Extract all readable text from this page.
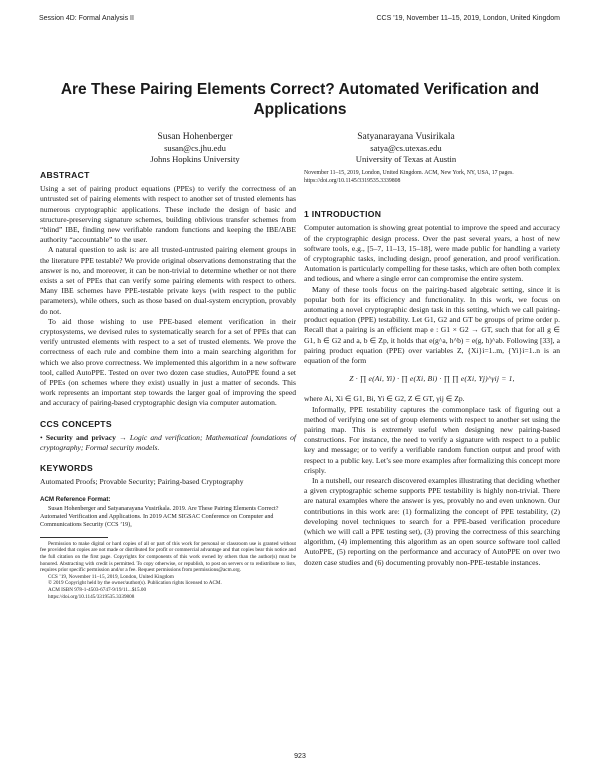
Session 4D: Formal Analysis II	CCS ’19, November 11–15, 2019, London, United Kingdom
Are These Pairing Elements Correct? Automated Verification and Applications
Susan Hohenberger
susan@cs.jhu.edu
Johns Hopkins University
Satyanarayana Vusirikala
satya@cs.utexas.edu
University of Texas at Austin
ABSTRACT

Using a set of pairing product equations (PPEs) to verify the correctness of an untrusted set of pairing elements with respect to another set of trusted elements has numerous cryptographic applications. These include the design of basic and structure-preserving signature schemes, building oblivious transfer schemes from “blind” IBE, finding new verifiable random functions and keeping the IBE/ABE authority “accountable” to the user.

A natural question to ask is: are all trusted-untrusted pairing element groups in the literature PPE testable? We provide original observations demonstrating that the answer is no, and moreover, it can be non-trivial to determine whether or not there exists a set of PPEs that can verify some pairing elements with respect to others. Many IBE schemes have PPE-testable private keys (with respect to the public parameters), while others, such as those based on dual-system encryption, provably do not.

To aid those wishing to use PPE-based element verification in their cryptosystems, we devised rules to systematically search for a set of PPEs that can verify untrusted elements with respect to a set of trusted elements. We prove the correctness of each rule and combine them into a main searching algorithm for which we also prove correctness. We implemented this algorithm in a new software tool, called AutoPPE. Tested on over two dozen case studies, AutoPPE found a set of PPEs (on schemes where they exist) usually in just a matter of seconds. This work represents an important step towards the larger goal of improving the speed and accuracy of pairing-based cryptographic design via computer automation.

CCS CONCEPTS

• Security and privacy → Logic and verification; Mathematical foundations of cryptography; Formal security models.

KEYWORDS

Automated Proofs; Provable Security; Pairing-based Cryptography

ACM Reference Format:

Susan Hohenberger and Satyanarayana Vusirikala. 2019. Are These Pairing Elements Correct? Automated Verification and Applications. In 2019 ACM SIGSAC Conference on Computer and Communications Security (CCS ’19),

Permission to make digital or hard copies of all or part of this work for personal or classroom use is granted without fee provided that copies are not made or distributed for profit or commercial advantage and that copies bear this notice and the full citation on the first page. Copyrights for components of this work owned by others than the author(s) must be honored. Abstracting with credit is permitted. To copy otherwise, or republish, to post on servers or to redistribute to lists, requires prior specific permission and/or a fee. Request permissions from permissions@acm.org.

CCS ’19, November 11–15, 2019, London, United Kingdom

© 2019 Copyright held by the owner/author(s). Publication rights licensed to ACM.

ACM ISBN 978-1-4503-6747-9/19/11...$15.00

https://doi.org/10.1145/3319535.3339808

November 11–15, 2019, London, United Kingdom. ACM, New York, NY, USA, 17 pages. https://doi.org/10.1145/3319535.3339808
1 INTRODUCTION

Computer automation is showing great potential to improve the speed and accuracy of the cryptographic design process. Over the past several years, a host of new software tools, e.g., [5–7, 11–13, 15–18], were made public for handling a variety of cryptographic tasks, including design, proof generation, and proof verification. Automation is particularly compelling for these tasks, which are often both complex and tedious, and where a single error can compromise the entire system.

Many of these tools focus on the pairing-based algebraic setting, since it is popular both for its efficiency and functionality. In this work, we focus on automating a novel cryptographic design task in this setting, which we call pairing-product equation (PPE) testability. Let G1, G2 and GT be groups of prime order p. Recall that a pairing is an efficient map e : G1 × G2 → GT, such that for all g ∈ G1, h ∈ G2 and a, b ∈ Zp, it holds that e(g^a, h^b) = e(g, h)^ab. Following [33], a pairing product equation (PPE) over variables Z, {Xi}i=1..m, {Yi}i=1..n is an equation of the form

Z · ∏ e(Ai, Yi) · ∏ e(Xi, Bi) · ∏ ∏ e(Xi, Yj)^γij = 1,

where Ai, Xi ∈ G1, Bi, Yi ∈ G2, Z ∈ GT, γij ∈ Zp.

Informally, PPE testability captures the commonplace task of figuring out a method of verifying one set of group elements with respect to another set using the pairing map. This is extremely useful when designing new pairing-based constructions. For instance, the need to verify a signature with respect to a public key and message; or to verify a verifiable random function output and proof with respect to a public key. Let’s see more examples after formalizing this concept more crisply.

In a nutshell, our research discovered examples illustrating that deciding whether a given cryptographic scheme supports PPE testability is highly non-trivial. There are natural examples where the answer is yes, provably no and even unknown. Our contributions in this work are: (1) formalizing the concept of PPE testability, (2) developing novel techniques to search for a PPE-based verification procedure (which we will call a PPE testing set), (3) proving the correctness of this searching algorithm, (4) implementing this algorithm as an open source software tool called AutoPPE, (5) reporting on the performance and accuracy of AutoPPE on over two dozen case studies and (6) documenting provably non-PPE-testable instances.

923
